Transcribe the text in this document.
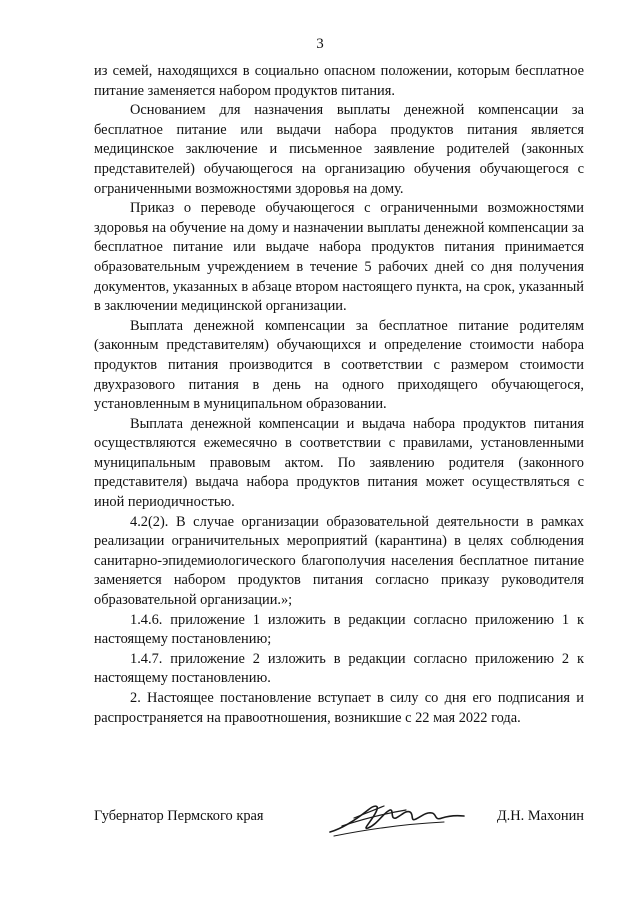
3

из семей, находящихся в социально опасном положении, которым бесплатное питание заменяется набором продуктов питания.

Основанием для назначения выплаты денежной компенсации за бесплатное питание или выдачи набора продуктов питания является медицинское заключение и письменное заявление родителей (законных представителей) обучающегося на организацию обучения обучающегося с ограниченными возможностями здоровья на дому.

Приказ о переводе обучающегося с ограниченными возможностями здоровья на обучение на дому и назначении выплаты денежной компенсации за бесплатное питание или выдаче набора продуктов питания принимается образовательным учреждением в течение 5 рабочих дней со дня получения документов, указанных в абзаце втором настоящего пункта, на срок, указанный в заключении медицинской организации.

Выплата денежной компенсации за бесплатное питание родителям (законным представителям) обучающихся и определение стоимости набора продуктов питания производится в соответствии с размером стоимости двухразового питания в день на одного приходящего обучающегося, установленным в муниципальном образовании.

Выплата денежной компенсации и выдача набора продуктов питания осуществляются ежемесячно в соответствии с правилами, установленными муниципальным правовым актом. По заявлению родителя (законного представителя) выдача набора продуктов питания может осуществляться с иной периодичностью.

4.2(2). В случае организации образовательной деятельности в рамках реализации ограничительных мероприятий (карантина) в целях соблюдения санитарно-эпидемиологического благополучия населения бесплатное питание заменяется набором продуктов питания согласно приказу руководителя образовательной организации.»;

1.4.6. приложение 1 изложить в редакции согласно приложению 1 к настоящему постановлению;

1.4.7. приложение 2 изложить в редакции согласно приложению 2 к настоящему постановлению.

2. Настоящее постановление вступает в силу со дня его подписания и распространяется на правоотношения, возникшие с 22 мая 2022 года.

Губернатор Пермского края	Д.Н. Махонин
